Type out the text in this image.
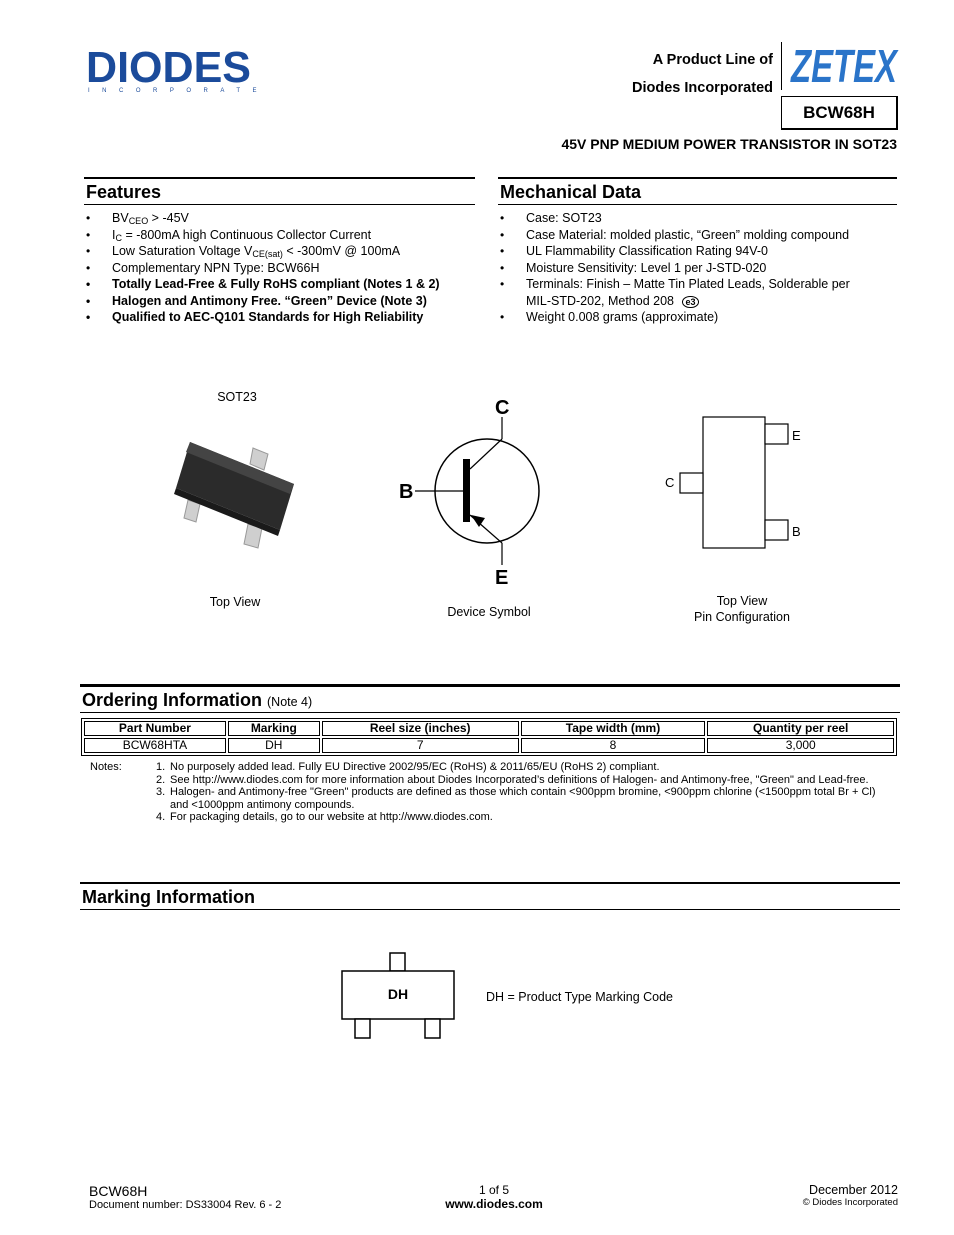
DIODES
INCORPORAT
A Product Line of
Diodes Incorporated ZETEX
BCW68H
45V PNP MEDIUM POWER TRANSISTOR IN SOT23
Features
• $BV_{CEO} > -45V$
• $I_C = -800mA$ high Continuous Collector Current
• Low Saturation Voltage $V_{CE(sat)} < -300mV$ @ 100mA
• Complementary NPN Type: BCW66H
• Totally Lead-Free & Fully RoHS compliant (Notes 1 & 2)
• Halogen and Antimony Free. “Green” Device (Note 3)
• Qualified to AEC-Q101 Standards for High Reliability
Mechanical Data
• Case: SOT23
• Case Material: molded plastic, “Green” molding compound
• UL Flammability Classification Rating 94V-0
• Moisture Sensitivity: Level 1 per J-STD-020
• Terminals: Finish – Matte Tin Plated Leads, Solderable per
MIL-STD-202, Method 208 e3
• Weight 0.008 grams (approximate)
SOT23
Top View
C
B
E
Device Symbol
E
C
B
Top View
Pin Configuration
Ordering Information (Note 4)
Part Number	Marking	Reel size (inches)	Tape width (mm)	Quantity per reel
BCW68HTA	DH	7	8	3,000
Notes:	1. No purposely added lead. Fully EU Directive 2002/95/EC (RoHS) & 2011/65/EU (RoHS 2) compliant.
2. See http://www.diodes.com for more information about Diodes Incorporated’s definitions of Halogen- and Antimony-free, "Green" and Lead-free.
3. Halogen- and Antimony-free "Green" products are defined as those which contain <900ppm bromine, <900ppm chlorine (<1500ppm total Br + Cl) and <1000ppm antimony compounds.
4. For packaging details, go to our website at http://www.diodes.com.
Marking Information
DH	DH = Product Type Marking Code
BCW68H
Document number: DS33004 Rev. 6 - 2
1 of 5
www.diodes.com
December 2012
© Diodes Incorporated
